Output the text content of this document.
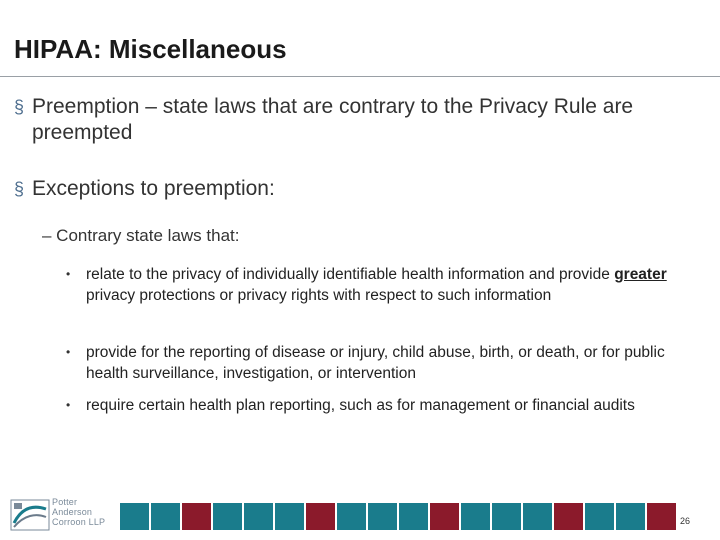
HIPAA: Miscellaneous
§ Preemption – state laws that are contrary to the Privacy Rule are preempted
§ Exceptions to preemption:
– Contrary state laws that:
•	relate to the privacy of individually identifiable health information and provide greater privacy protections or privacy rights with respect to such information
•	provide for the reporting of disease or injury, child abuse, birth, or death, or for public health surveillance, investigation, or intervention
•	require certain health plan reporting, such as for management or financial audits
Potter
Anderson
Corroon LLP	26
